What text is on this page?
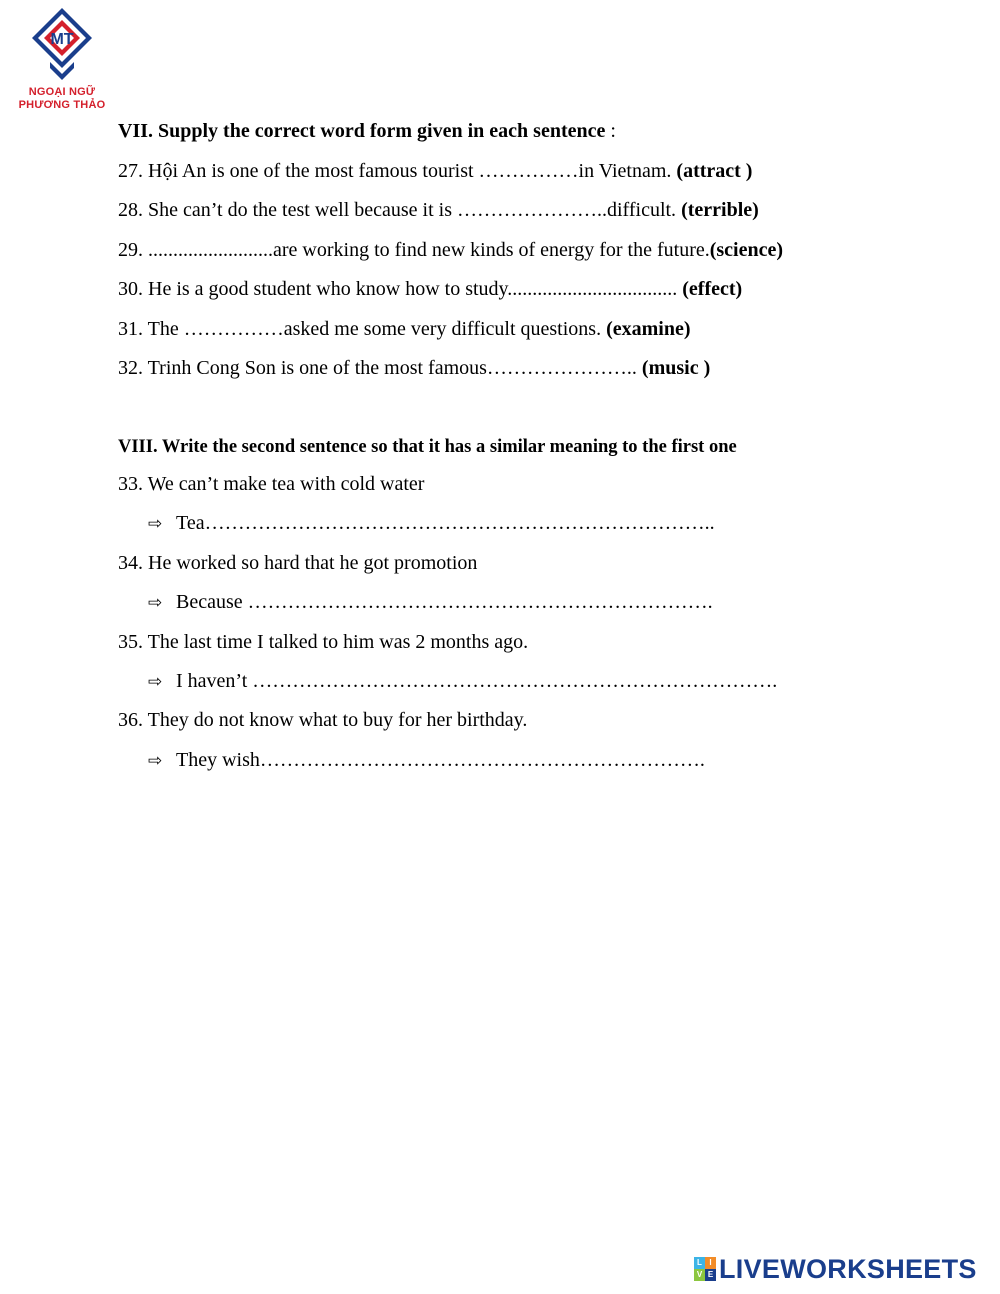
MT
NGOẠI NGỮ
PHƯƠNG THẢO
VII. Supply the correct word form given in each sentence :
27. Hội An is one of the most famous tourist ……………in Vietnam. (attract )
28. She can’t do the test well because it is …………………..difficult. (terrible)
29. .........................are working to find new kinds of energy for the future.(science)
30. He is a good student who know how to study.................................. (effect)
31. The ……………asked me some very difficult questions. (examine)
32. Trinh Cong Son is one of the most famous………………….. (music )
VIII. Write the second sentence so that it has a similar meaning to the first one
33. We can’t make tea with cold water
⇨ Tea…………………………………………………………………..
34. He worked so hard that he got promotion
⇨ Because …………………………………………………………….
35. The last time I talked to him was 2 months ago.
⇨ I haven’t …………………………………………………………………….
36. They do not know what to buy for her birthday.
⇨ They wish………………………………………………………….
L I
V E LIVEWORKSHEETS
